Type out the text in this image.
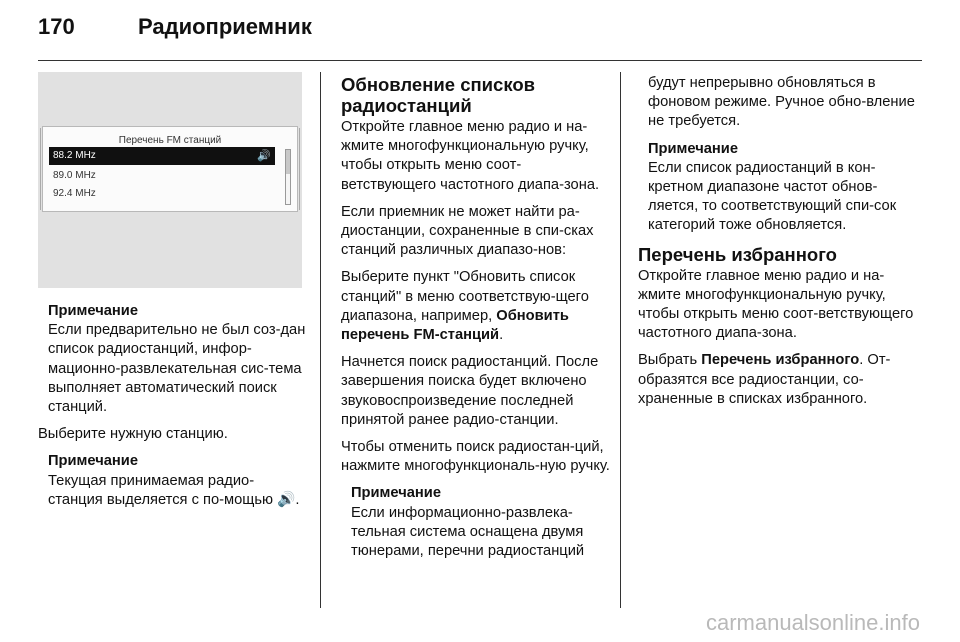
170	Радиоприемник
Перечень FM станций
88.2 MHz	🔊
89.0 MHz
92.4 MHz
Примечание
Если предварительно не был соз-дан список радиостанций, инфор-мационно-развлекательная сис-тема выполняет автоматический поиск станций.

Выберите нужную станцию.

Примечание
Текущая принимаемая радио-станция выделяется с по-мощью 🔊.
Обновление списков радиостанций

Откройте главное меню радио и на-жмите многофункциональную ручку, чтобы открыть меню соот-ветствующего частотного диапа-зона.

Если приемник не может найти ра-диостанции, сохраненные в спи-сках станций различных диапазо-нов:

Выберите пункт "Обновить список станций" в меню соответствую-щего диапазона, например, Обновить перечень FM-станций.

Начнется поиск радиостанций. После завершения поиска будет включено звуковоспроизведение последней принятой ранее радио-станции.

Чтобы отменить поиск радиостан-ций, нажмите многофункциональ-ную ручку.

Примечание
Если информационно-развлека-тельная система оснащена двумя тюнерами, перечни радиостанций
будут непрерывно обновляться в фоновом режиме. Ручное обно-вление не требуется.
Примечание
Если список радиостанций в кон-кретном диапазоне частот обнов-ляется, то соответствующий спи-сок категорий тоже обновляется.
Перечень избранного

Откройте главное меню радио и на-жмите многофункциональную ручку, чтобы открыть меню соот-ветствующего частотного диапа-зона.

Выбрать Перечень избранного. От-образятся все радиостанции, со-храненные в списках избранного.

carmanualsonline.info
